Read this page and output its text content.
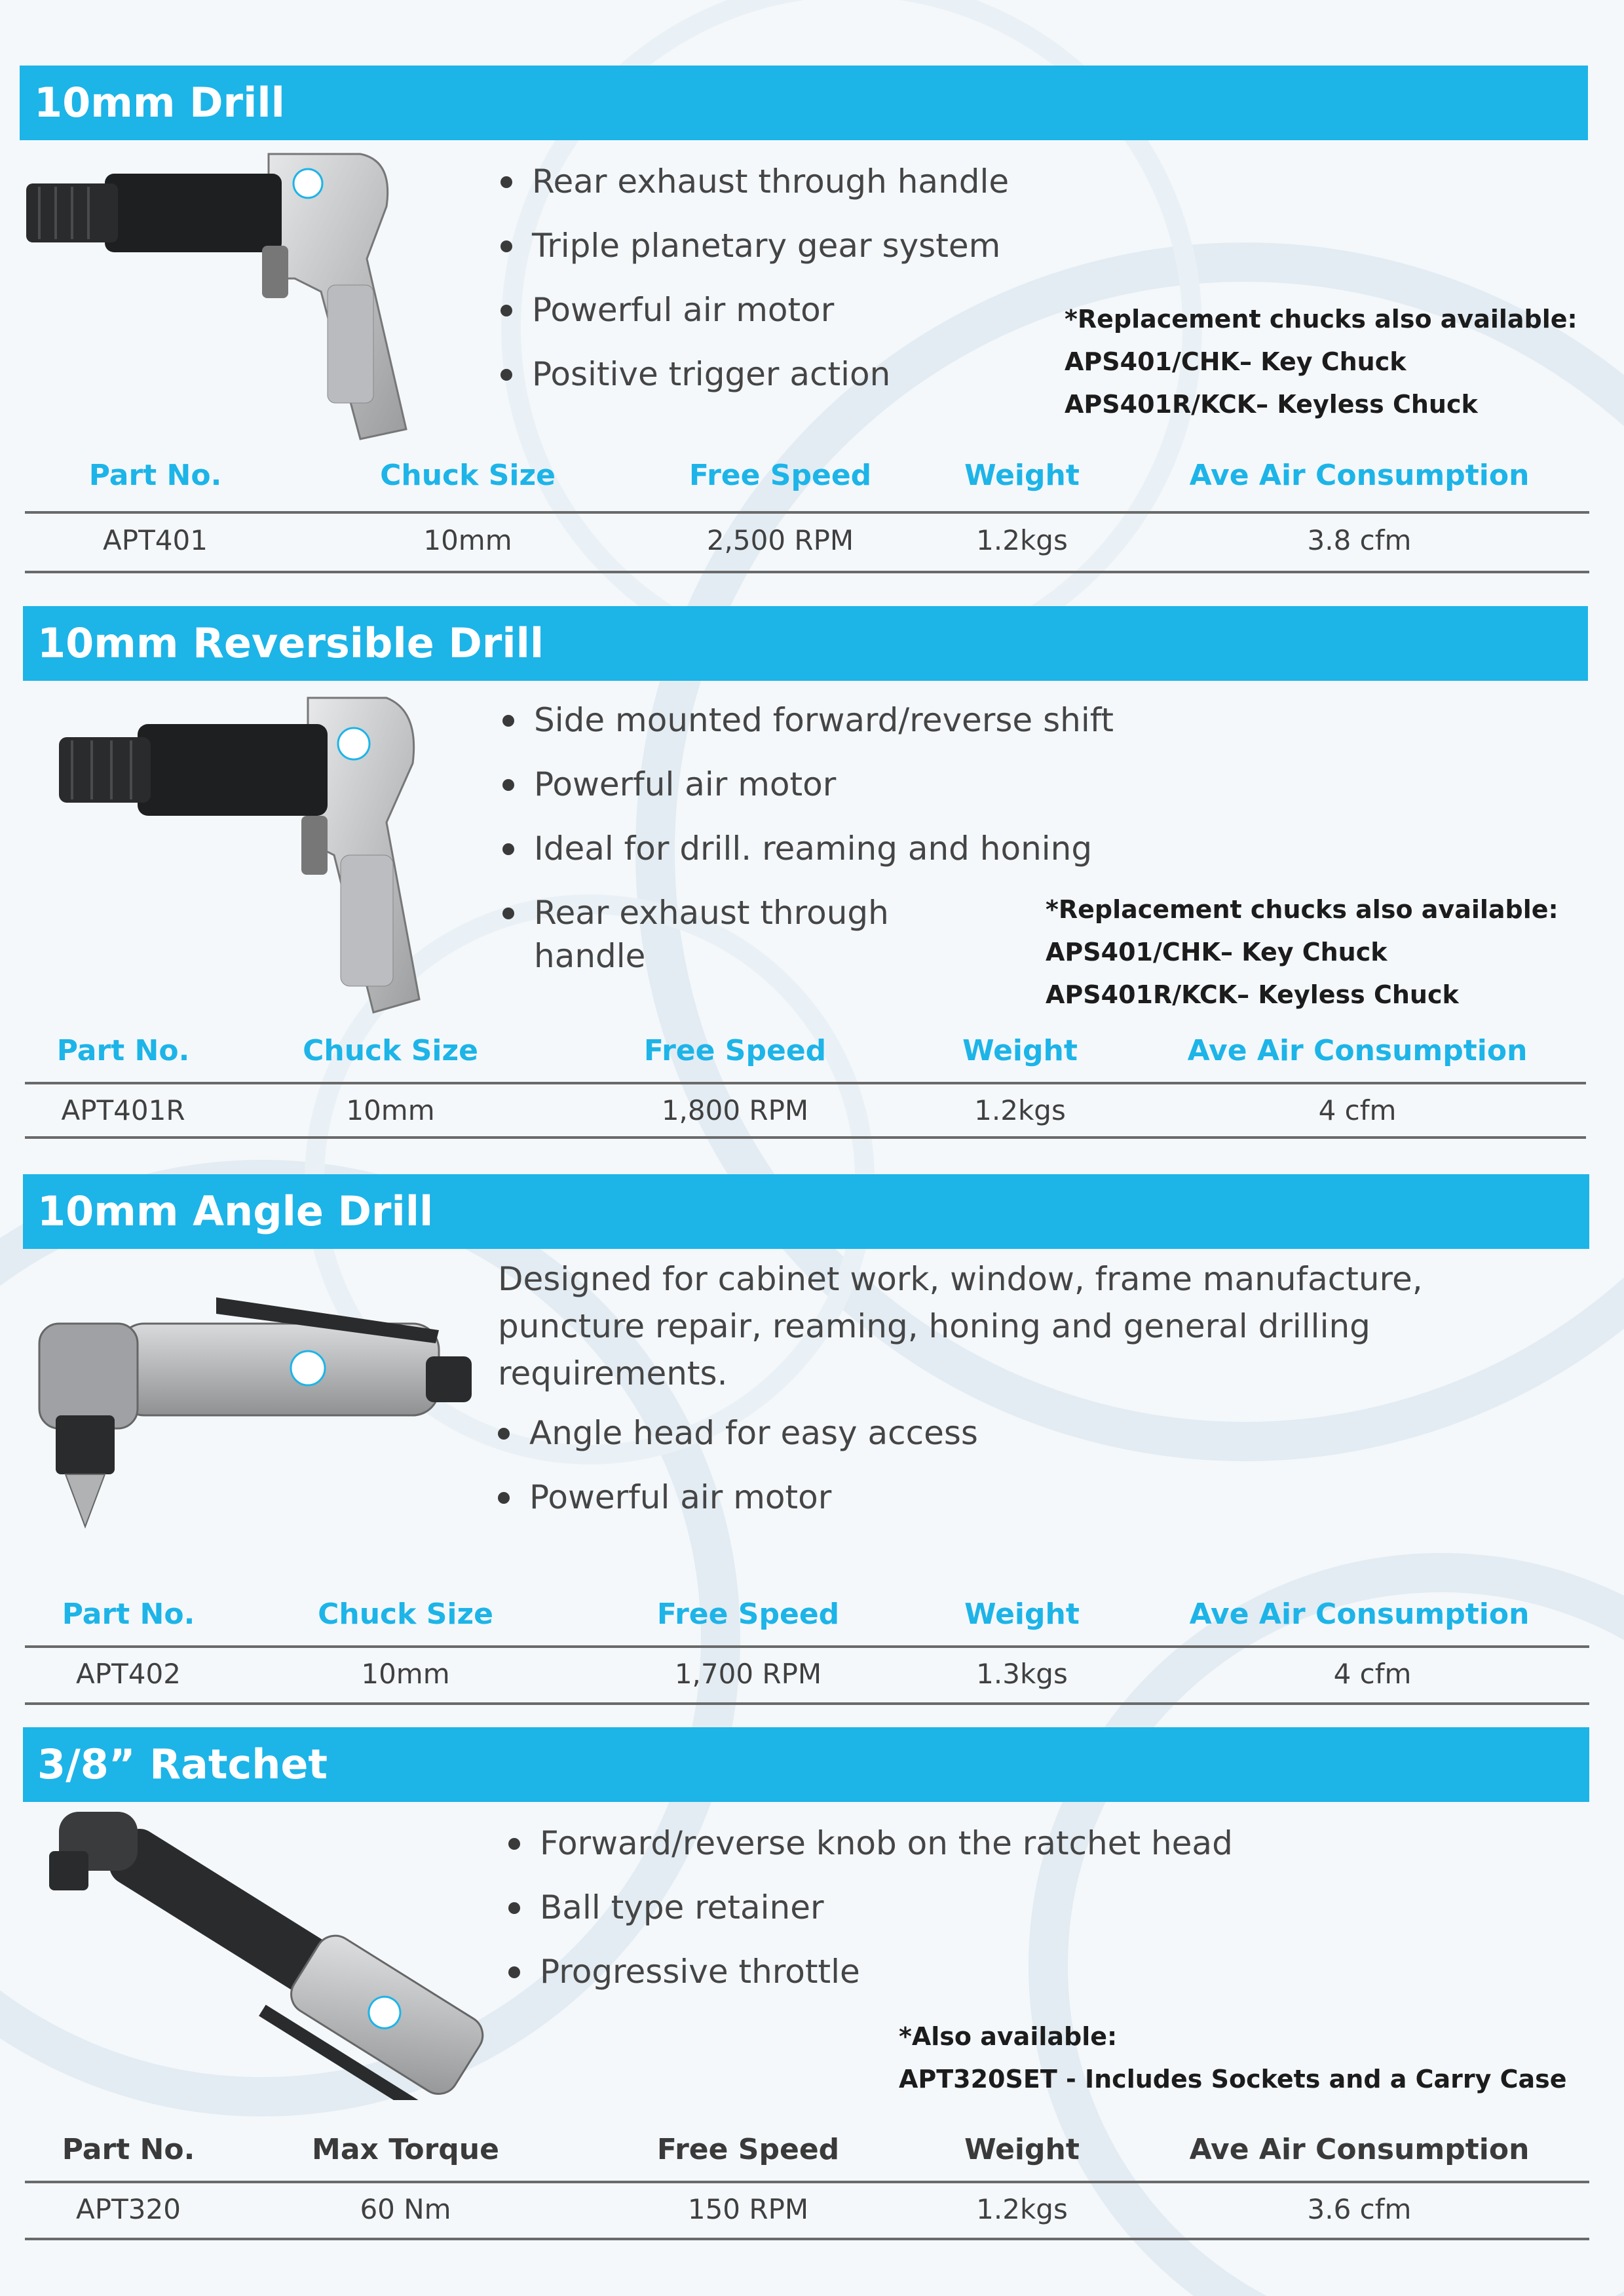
10mm Drill
Rear exhaust through handle
Triple planetary gear system
Powerful air motor
Positive trigger action
*Replacement chucks also available:
APS401/CHK– Key Chuck
APS401R/KCK– Keyless Chuck
Part No.	Chuck Size	Free Speed	Weight	Ave Air Consumption
APT401	10mm	2,500 RPM	1.2kgs	3.8 cfm
10mm Reversible Drill
Side mounted forward/reverse shift
Powerful air motor
Ideal for drill. reaming and honing
Rear exhaust through handle
*Replacement chucks also available:
APS401/CHK– Key Chuck
APS401R/KCK– Keyless Chuck
Part No.	Chuck Size	Free Speed	Weight	Ave Air Consumption
APT401R	10mm	1,800 RPM	1.2kgs	4 cfm
10mm Angle Drill

Designed for cabinet work, window, frame manufacture, puncture repair, reaming, honing and general drilling requirements.

Angle head for easy access
Powerful air motor
Part No.	Chuck Size	Free Speed	Weight	Ave Air Consumption
APT402	10mm	1,700 RPM	1.3kgs	4 cfm
3/8” Ratchet
Forward/reverse knob on the ratchet head
Ball type retainer
Progressive throttle
*Also available:
APT320SET - Includes Sockets and a Carry Case
Part No.	Max Torque	Free Speed	Weight	Ave Air Consumption
APT320	60 Nm	150 RPM	1.2kgs	3.6 cfm
